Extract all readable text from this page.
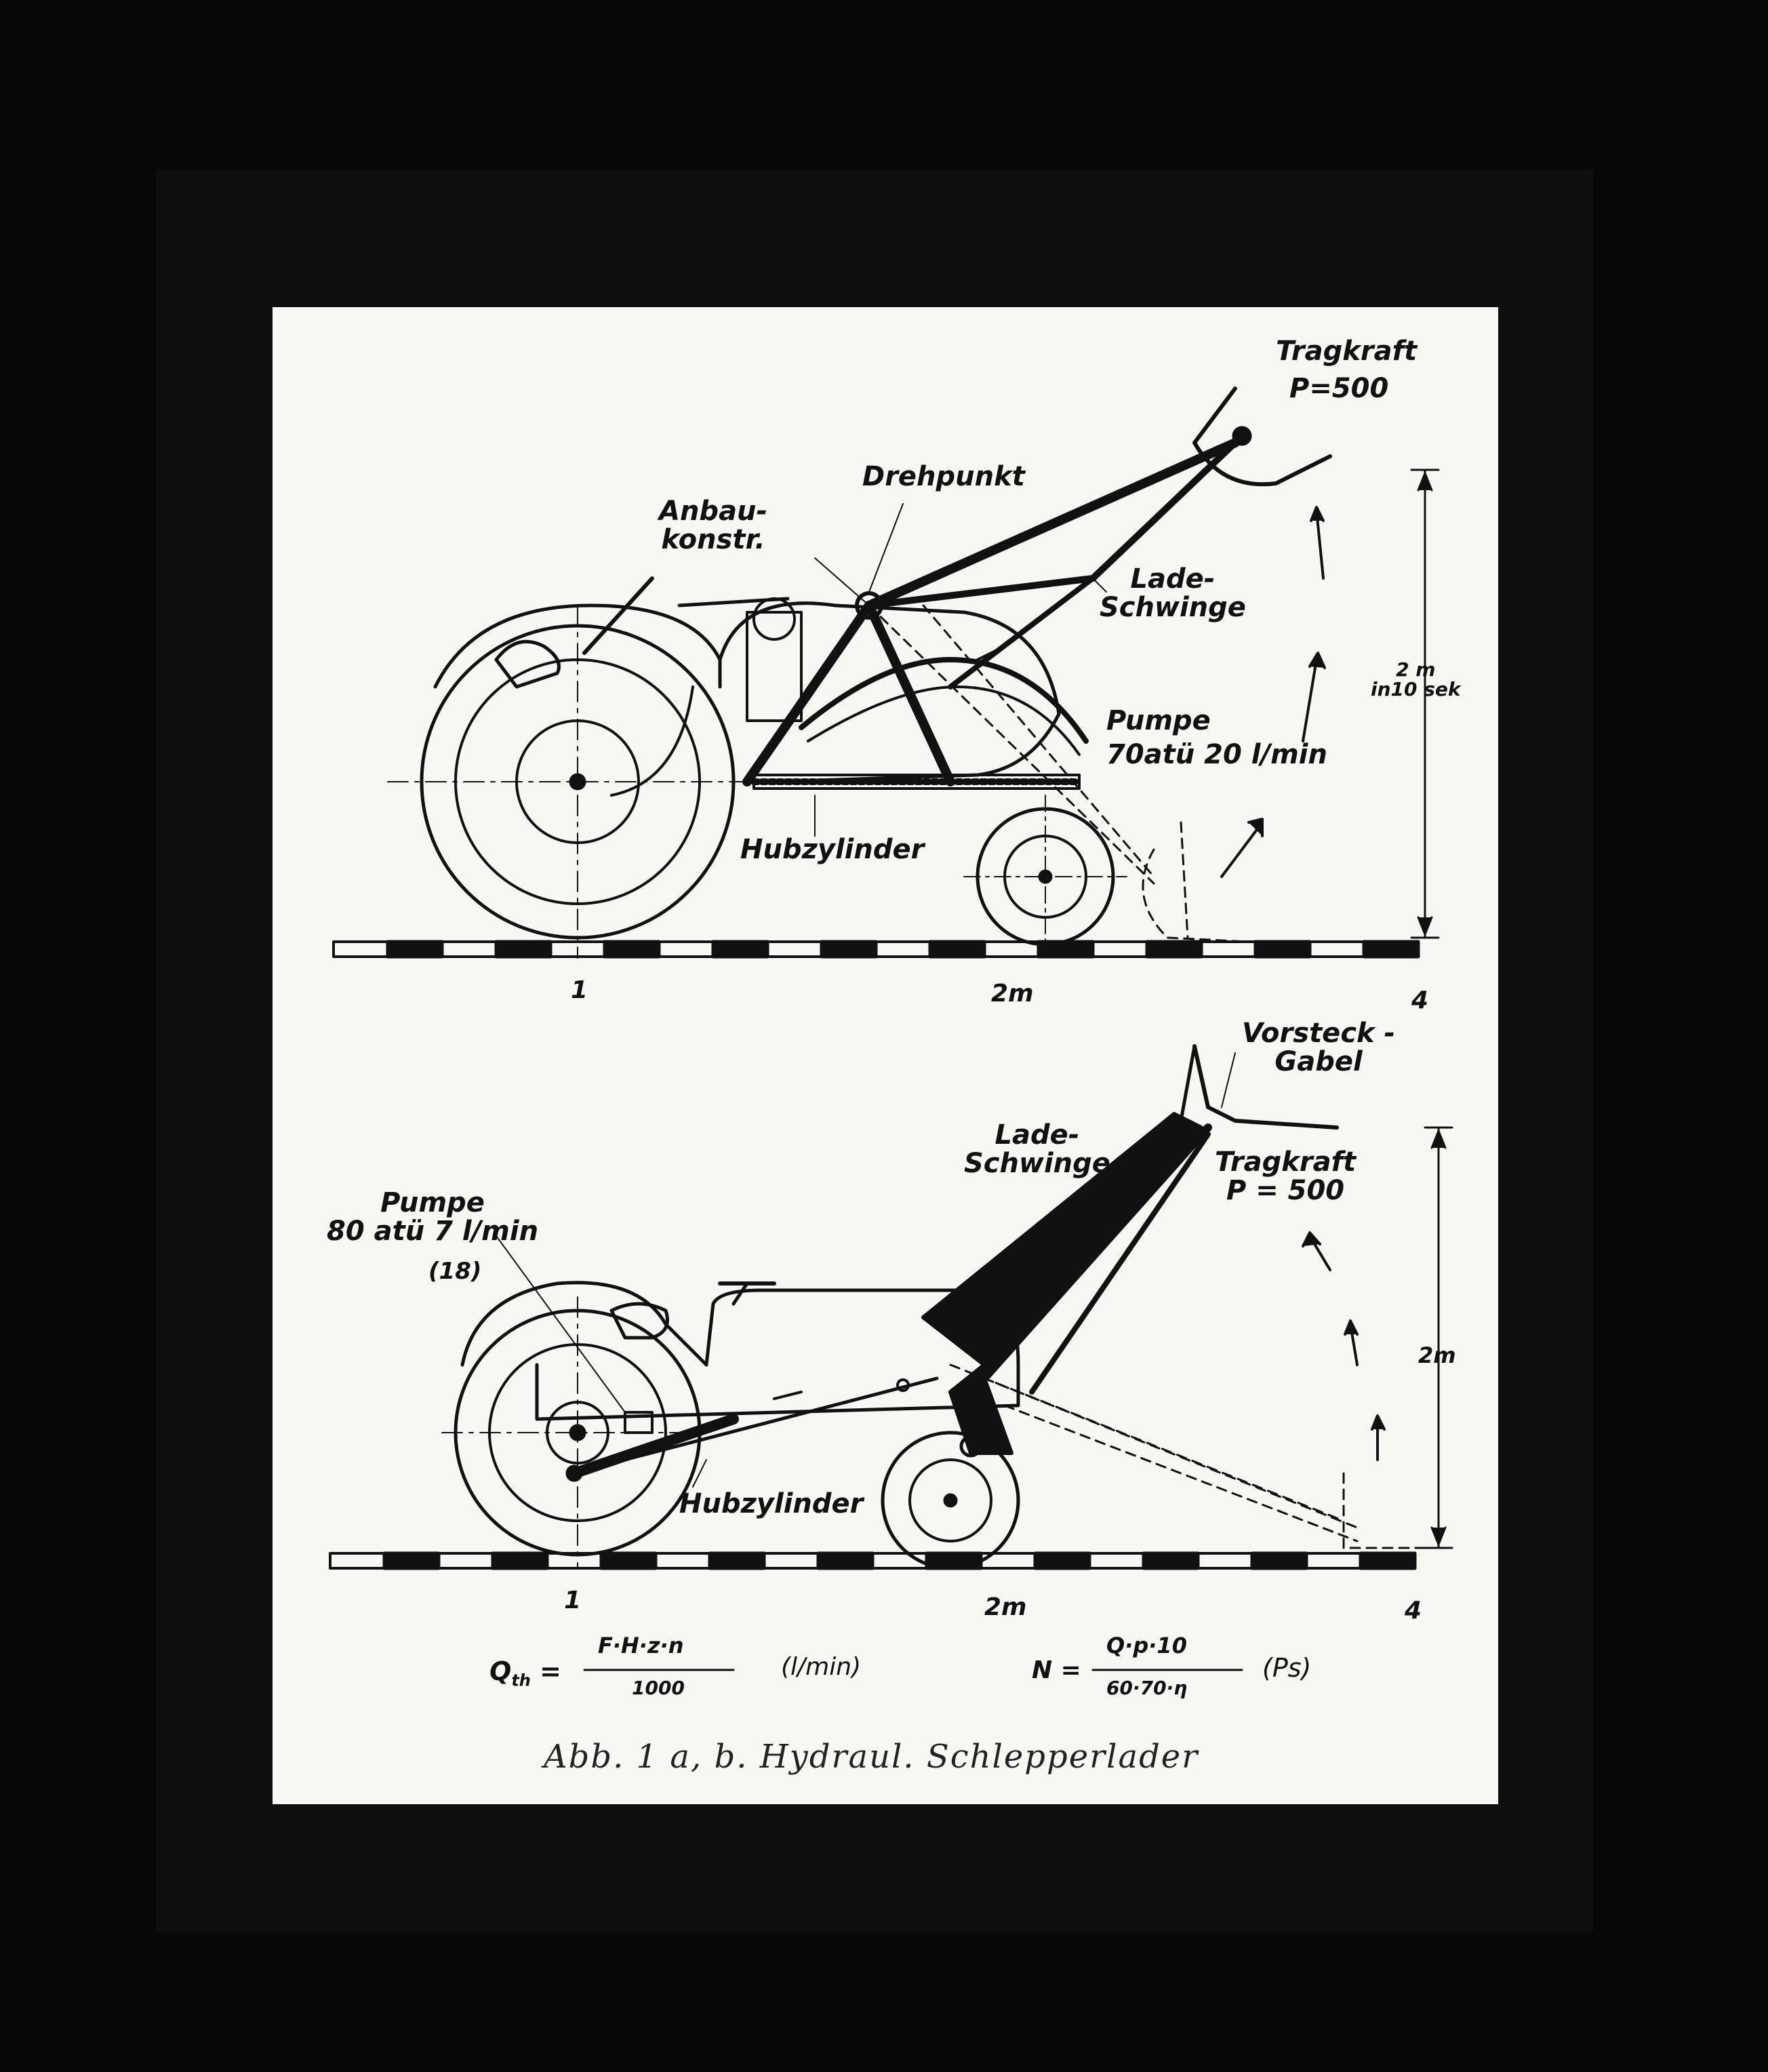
Tragkraft
P=500
Drehpunkt
Anbau-
konstr.
Lade-
Schwinge
2 m
in10 sek
Pumpe
70atü 20 l/min
Hubzylinder
1	2m	4
Vorsteck -
Gabel
Lade-
Schwinge	Tragkraft
P = 500
Pumpe
80 atü 7 l/min
(18)
2m
Hubzylinder
1	2m	4
$Q_{th}$ =
F·H·z·n
1000
(l/min)	N =
Q·p·10
60·70·η
(Ps)
Abb. 1 a, b. Hydraul. Schlepperlader
